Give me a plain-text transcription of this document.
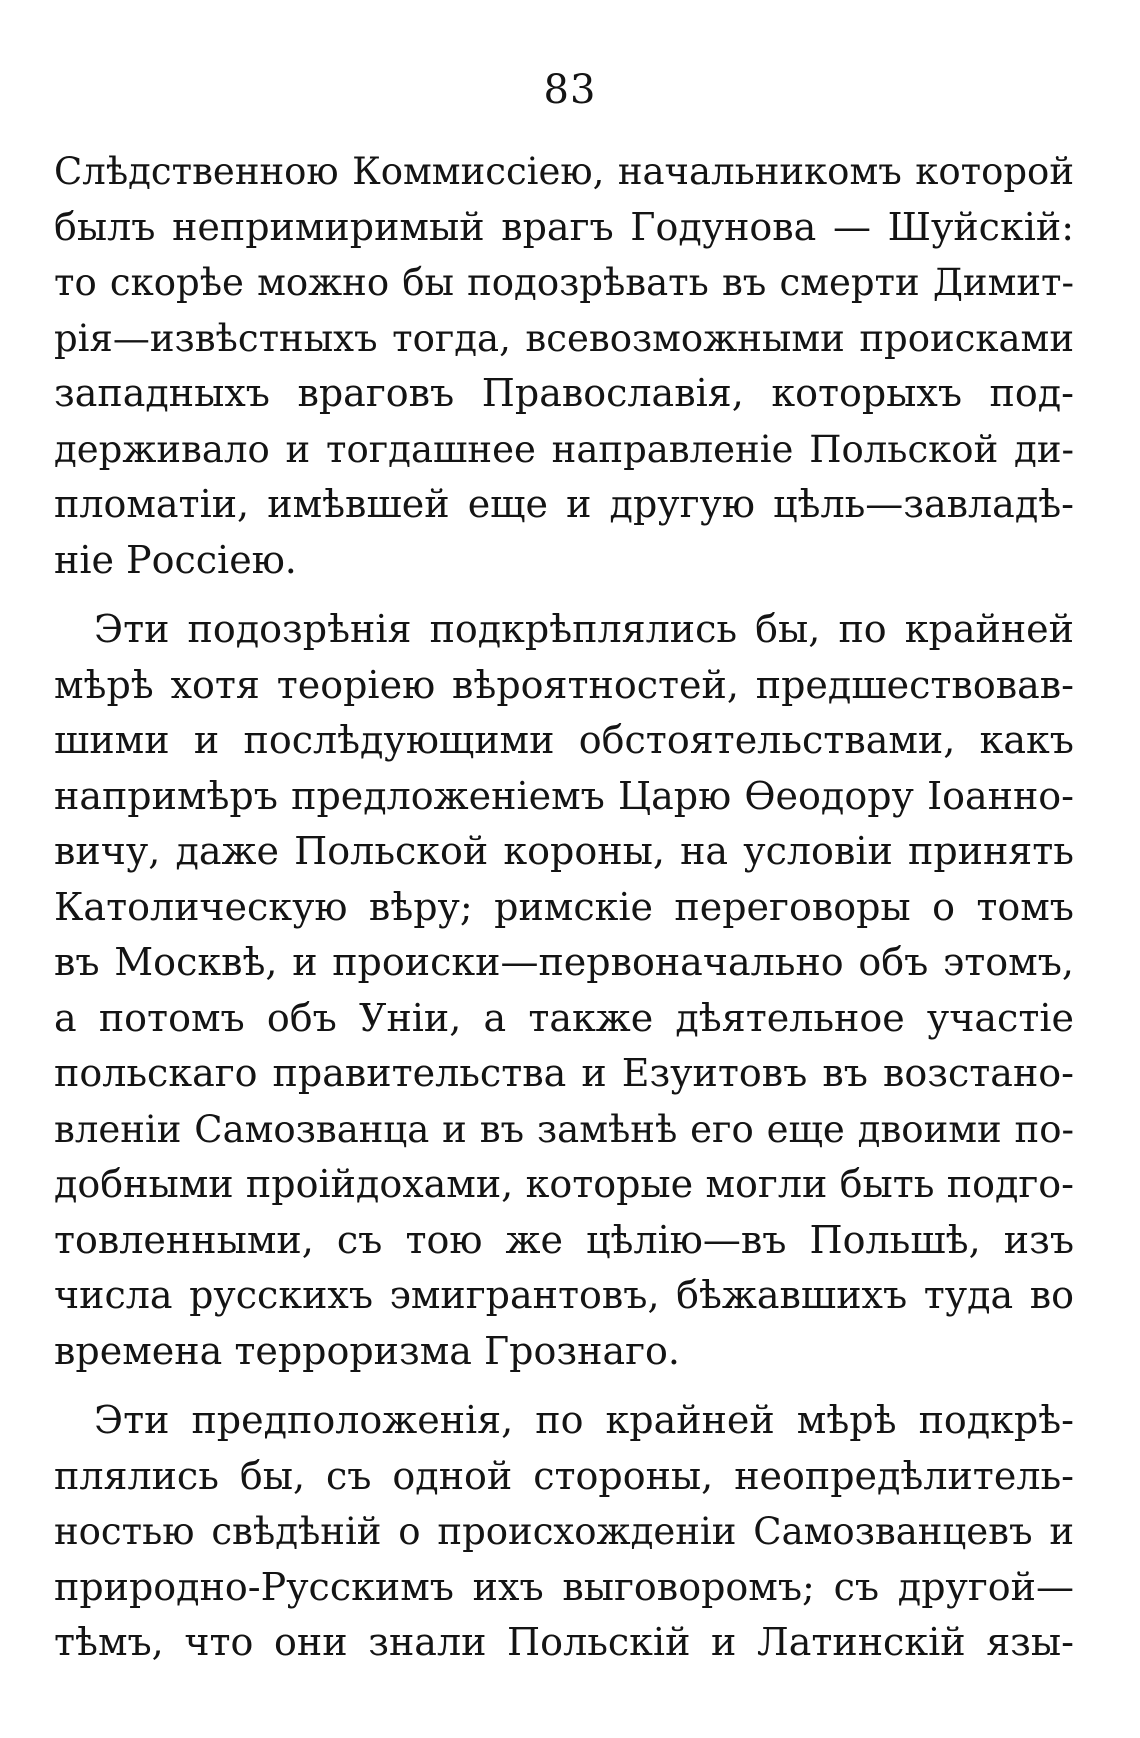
83
Слѣдственною Коммиссіею, начальникомъ которой
былъ непримиримый врагъ Годунова — Шуйскій:
то скорѣе можно бы подозрѣвать въ смерти Димит-
рія—извѣстныхъ тогда, всевозможными происками
западныхъ враговъ Православія, которыхъ под-
держивало и тогдашнее направленіе Польской ди-
пломатіи, имѣвшей еще и другую цѣль—завладѣ-
ніе Россіею.
Эти подозрѣнія подкрѣплялись бы, по крайней
мѣрѣ хотя теоріею вѣроятностей, предшествовав-
шими и послѣдующими обстоятельствами, какъ
напримѣръ предложеніемъ Царю Ѳеодору Іоанно-
вичу, даже Польской короны, на условіи принять
Католическую вѣру; римскіе переговоры о томъ
въ Москвѣ, и происки—первоначально объ этомъ,
а потомъ объ Уніи, а также дѣятельное участіе
польскаго правительства и Езуитовъ въ возстано-
вленіи Самозванца и въ замѣнѣ его еще двоими по-
добными проійдохами, которые могли быть подго-
товленными, съ тою же цѣлію—въ Польшѣ, изъ
числа русскихъ эмигрантовъ, бѣжавшихъ туда во
времена терроризма Грознаго.
Эти предположенія, по крайней мѣрѣ подкрѣ-
плялись бы, съ одной стороны, неопредѣлитель-
ностью свѣдѣній о происхожденіи Самозванцевъ и
природно-Русскимъ ихъ выговоромъ; съ другой—
тѣмъ, что они знали Польскій и Латинскій язы-
